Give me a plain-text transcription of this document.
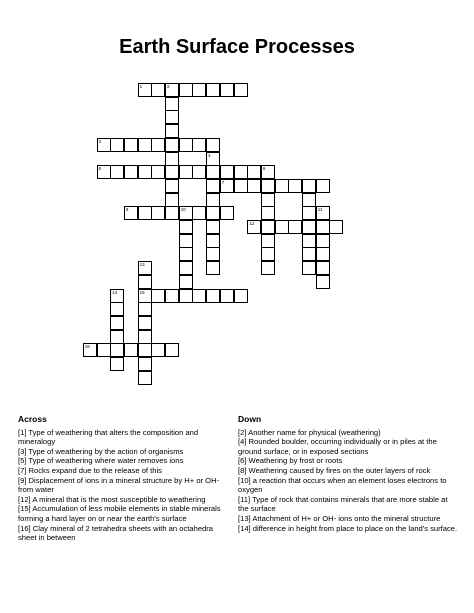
Earth Surface Processes
1	2
3
4
5	6
7
9	10	11
12
13
14	15
16
Across

[1] Type of weathering that alters the composition and mineralogy

[3] Type of weathering by the action of organisms

[5] Type of weathering where water removes ions

[7] Rocks expand due to the release of this

[9] Displacement of ions in a mineral structure by H+ or OH- from water

[12] A mineral that is the most susceptible to weathering

[15] Accumulation of less mobile elements in stable minerals forming a hard layer on or near the earth's surface

[16] Clay mineral of 2 tetrahedra sheets with an octahedra sheet in between

Down

[2] Another name for physical (weathering)

[4] Rounded boulder, occurring individually or in piles at the ground surface, or in exposed sections

[6] Weathering by frost or roots

[8] Weathering caused by fires on the outer layers of rock

[10] a reaction that occurs when an element loses electrons to oxygen

[11] Type of rock that contains minerals that are more stable at the surface

[13] Attachment of H+ or OH- ions onto the mineral structure

[14] difference in height from place to place on the land's surface.
